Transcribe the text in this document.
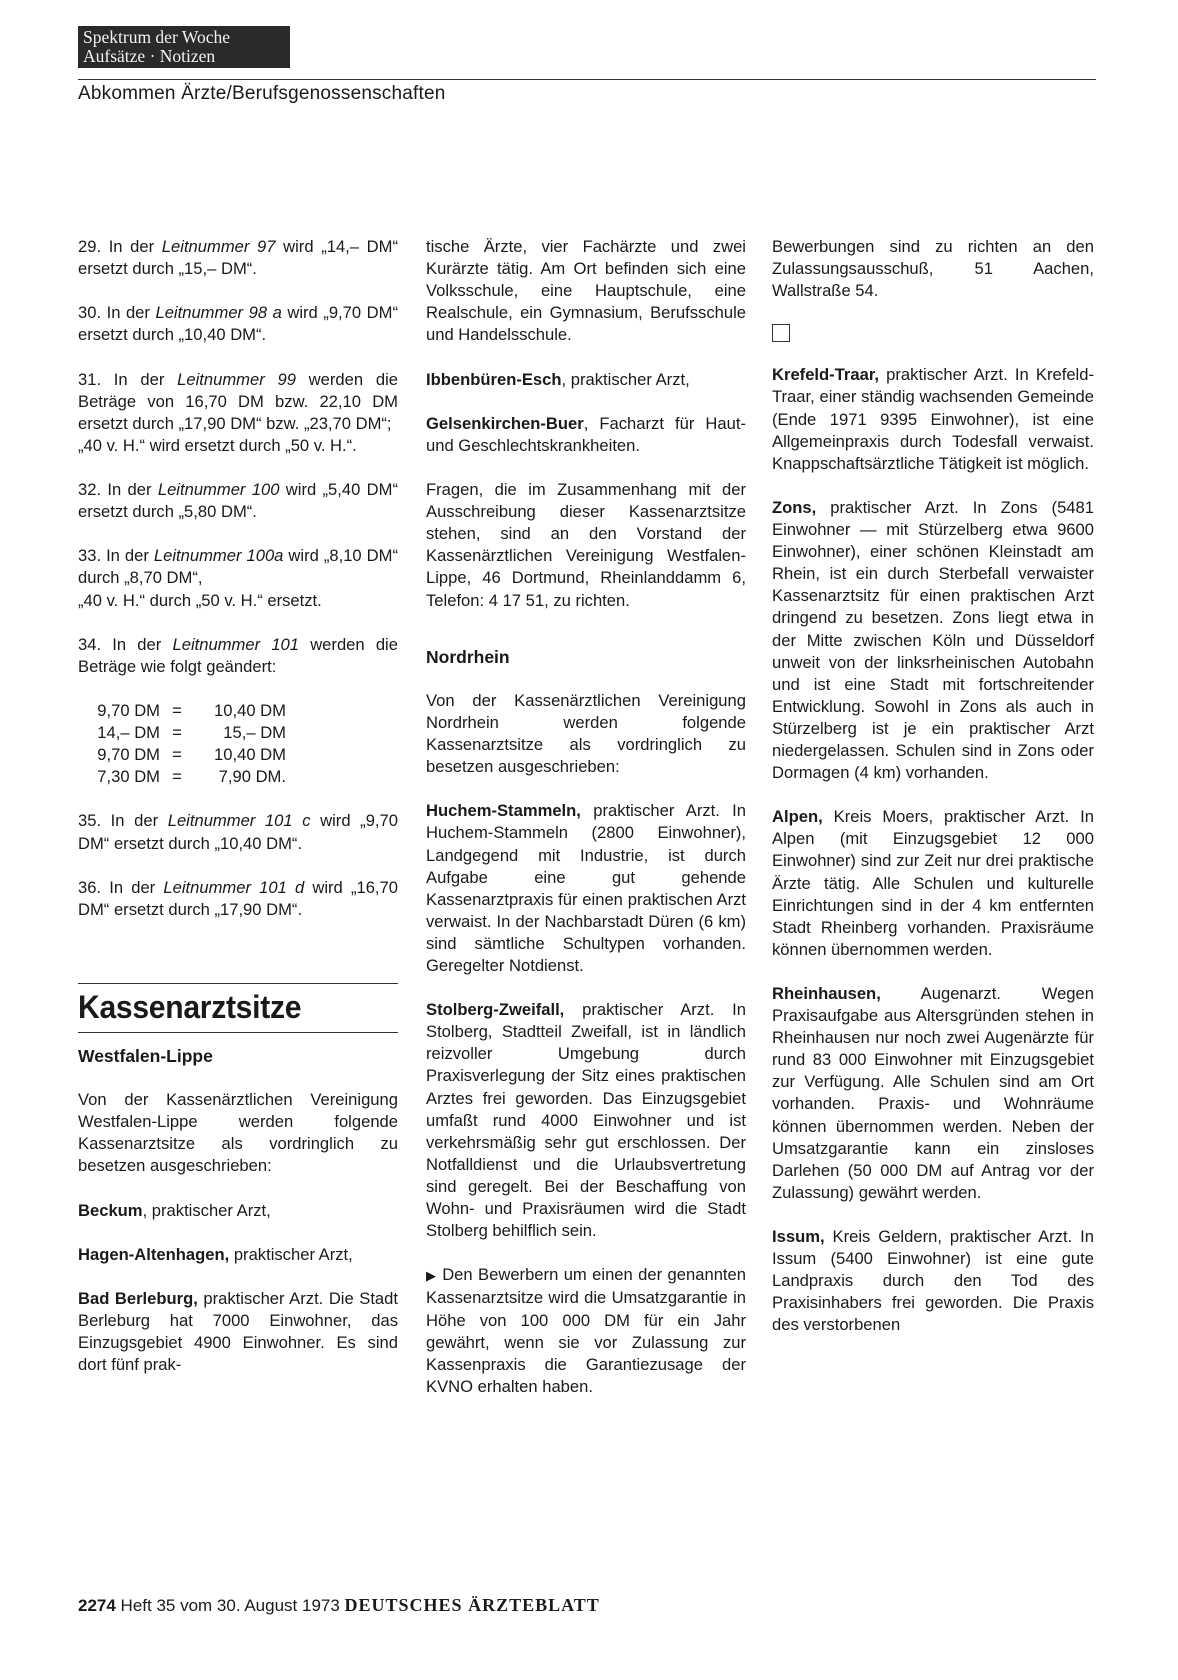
Spektrum der Woche
Aufsätze · Notizen
Abkommen Ärzte/Berufsgenossenschaften

29. In der Leitnummer 97 wird „14,– DM“ ersetzt durch „15,– DM“.

30. In der Leitnummer 98 a wird „9,70 DM“ ersetzt durch „10,40 DM“.

31. In der Leitnummer 99 werden die Beträge von 16,70 DM bzw. 22,10 DM ersetzt durch „17,90 DM“ bzw. „23,70 DM“;
„40 v. H.“ wird ersetzt durch „50 v. H.“.

32. In der Leitnummer 100 wird „5,40 DM“ ersetzt durch „5,80 DM“.

33. In der Leitnummer 100a wird „8,10 DM“ durch „8,70 DM“,
„40 v. H.“ durch „50 v. H.“ ersetzt.

34. In der Leitnummer 101 werden die Beträge wie folgt geändert:

9,70 DM =	10,40 DM
14,– DM =	15,– DM
9,70 DM =	10,40 DM
7,30 DM =	7,90 DM.

35. In der Leitnummer 101 c wird „9,70 DM“ ersetzt durch „10,40 DM“.

36. In der Leitnummer 101 d wird „16,70 DM“ ersetzt durch „17,90 DM“.

Kassenarztsitze
Westfalen-Lippe

Von der Kassenärztlichen Vereinigung Westfalen-Lippe werden folgende Kassenarztsitze als vordringlich zu besetzen ausgeschrieben:

Beckum, praktischer Arzt,

Hagen-Altenhagen, praktischer Arzt,

Bad Berleburg, praktischer Arzt. Die Stadt Berleburg hat 7000 Einwohner, das Einzugsgebiet 4900 Einwohner. Es sind dort fünf prak-

tische Ärzte, vier Fachärzte und zwei Kurärzte tätig. Am Ort befinden sich eine Volksschule, eine Hauptschule, eine Realschule, ein Gymnasium, Berufsschule und Handelsschule.

Ibbenbüren-Esch, praktischer Arzt,

Gelsenkirchen-Buer, Facharzt für Haut- und Geschlechtskrankheiten.

Fragen, die im Zusammenhang mit der Ausschreibung dieser Kassenarztsitze stehen, sind an den Vorstand der Kassenärztlichen Vereinigung Westfalen-Lippe, 46 Dortmund, Rheinlanddamm 6, Telefon: 4 17 51, zu richten.

Nordrhein

Von der Kassenärztlichen Vereinigung Nordrhein werden folgende Kassenarztsitze als vordringlich zu besetzen ausgeschrieben:

Huchem-Stammeln, praktischer Arzt. In Huchem-Stammeln (2800 Einwohner), Landgegend mit Industrie, ist durch Aufgabe eine gut gehende Kassenarztpraxis für einen praktischen Arzt verwaist. In der Nachbarstadt Düren (6 km) sind sämtliche Schultypen vorhanden. Geregelter Notdienst.

Stolberg-Zweifall, praktischer Arzt. In Stolberg, Stadtteil Zweifall, ist in ländlich reizvoller Umgebung durch Praxisverlegung der Sitz eines praktischen Arztes frei geworden. Das Einzugsgebiet umfaßt rund 4000 Einwohner und ist verkehrsmäßig sehr gut erschlossen. Der Notfalldienst und die Urlaubsvertretung sind geregelt. Bei der Beschaffung von Wohn- und Praxisräumen wird die Stadt Stolberg behilflich sein.

▶ Den Bewerbern um einen der genannten Kassenarztsitze wird die Umsatzgarantie in Höhe von 100 000 DM für ein Jahr gewährt, wenn sie vor Zulassung zur Kassenpraxis die Garantiezusage der KVNO erhalten haben.

Bewerbungen sind zu richten an den Zulassungsausschuß, 51 Aachen, Wallstraße 54.

Krefeld-Traar, praktischer Arzt. In Krefeld-Traar, einer ständig wachsenden Gemeinde (Ende 1971 9395 Einwohner), ist eine Allgemeinpraxis durch Todesfall verwaist. Knappschaftsärztliche Tätigkeit ist möglich.

Zons, praktischer Arzt. In Zons (5481 Einwohner — mit Stürzelberg etwa 9600 Einwohner), einer schönen Kleinstadt am Rhein, ist ein durch Sterbefall verwaister Kassenarztsitz für einen praktischen Arzt dringend zu besetzen. Zons liegt etwa in der Mitte zwischen Köln und Düsseldorf unweit von der linksrheinischen Autobahn und ist eine Stadt mit fortschreitender Entwicklung. Sowohl in Zons als auch in Stürzelberg ist je ein praktischer Arzt niedergelassen. Schulen sind in Zons oder Dormagen (4 km) vorhanden.

Alpen, Kreis Moers, praktischer Arzt. In Alpen (mit Einzugsgebiet 12 000 Einwohner) sind zur Zeit nur drei praktische Ärzte tätig. Alle Schulen und kulturelle Einrichtungen sind in der 4 km entfernten Stadt Rheinberg vorhanden. Praxisräume können übernommen werden.

Rheinhausen, Augenarzt. Wegen Praxisaufgabe aus Altersgründen stehen in Rheinhausen nur noch zwei Augenärzte für rund 83 000 Einwohner mit Einzugsgebiet zur Verfügung. Alle Schulen sind am Ort vorhanden. Praxis- und Wohnräume können übernommen werden. Neben der Umsatzgarantie kann ein zinsloses Darlehen (50 000 DM auf Antrag vor der Zulassung) gewährt werden.

Issum, Kreis Geldern, praktischer Arzt. In Issum (5400 Einwohner) ist eine gute Landpraxis durch den Tod des Praxisinhabers frei geworden. Die Praxis des verstorbenen

2274 Heft 35 vom 30. August 1973 DEUTSCHES ÄRZTEBLATT
